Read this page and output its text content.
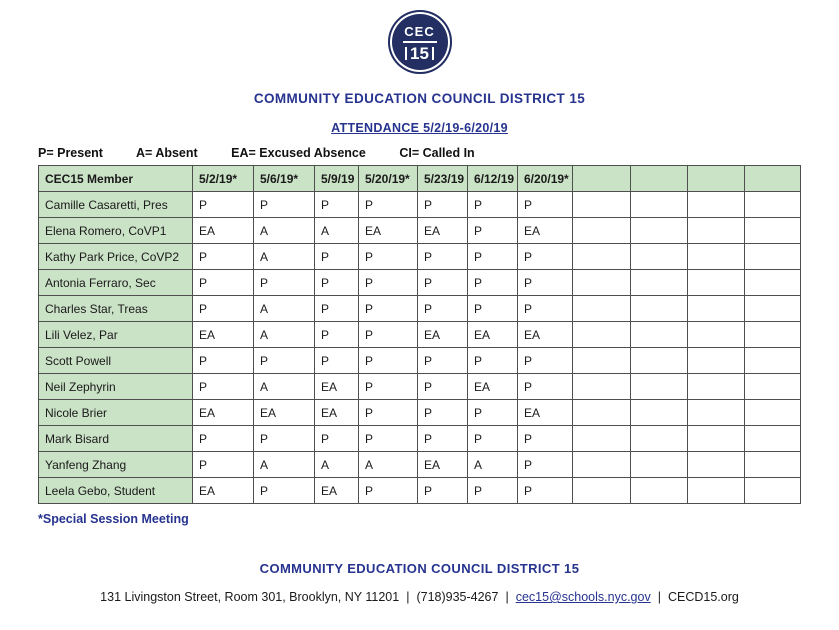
CEC
15
COMMUNITY EDUCATION COUNCIL DISTRICT 15
ATTENDANCE 5/2/19-6/20/19
P= Present	A= Absent	EA= Excused Absence	CI= Called In
CEC15 Member	5/2/19*	5/6/19*	5/9/19	5/20/19*	5/23/19	6/12/19	6/20/19*				
Camille Casaretti, Pres	P	P	P	P	P	P	P				
Elena Romero, CoVP1	EA	A	A	EA	EA	P	EA				
Kathy Park Price, CoVP2	P	A	P	P	P	P	P				
Antonia Ferraro, Sec	P	P	P	P	P	P	P				
Charles Star, Treas	P	A	P	P	P	P	P				
Lili Velez, Par	EA	A	P	P	EA	EA	EA				
Scott Powell	P	P	P	P	P	P	P				
Neil Zephyrin	P	A	EA	P	P	EA	P				
Nicole Brier	EA	EA	EA	P	P	P	EA				
Mark Bisard	P	P	P	P	P	P	P				
Yanfeng Zhang	P	A	A	A	EA	A	P				
Leela Gebo, Student	EA	P	EA	P	P	P	P				
*Special Session Meeting
COMMUNITY EDUCATION COUNCIL DISTRICT 15
131 Livingston Street, Room 301, Brooklyn, NY 11201 | (718)935-4267 | cec15@schools.nyc.gov | CECD15.org
